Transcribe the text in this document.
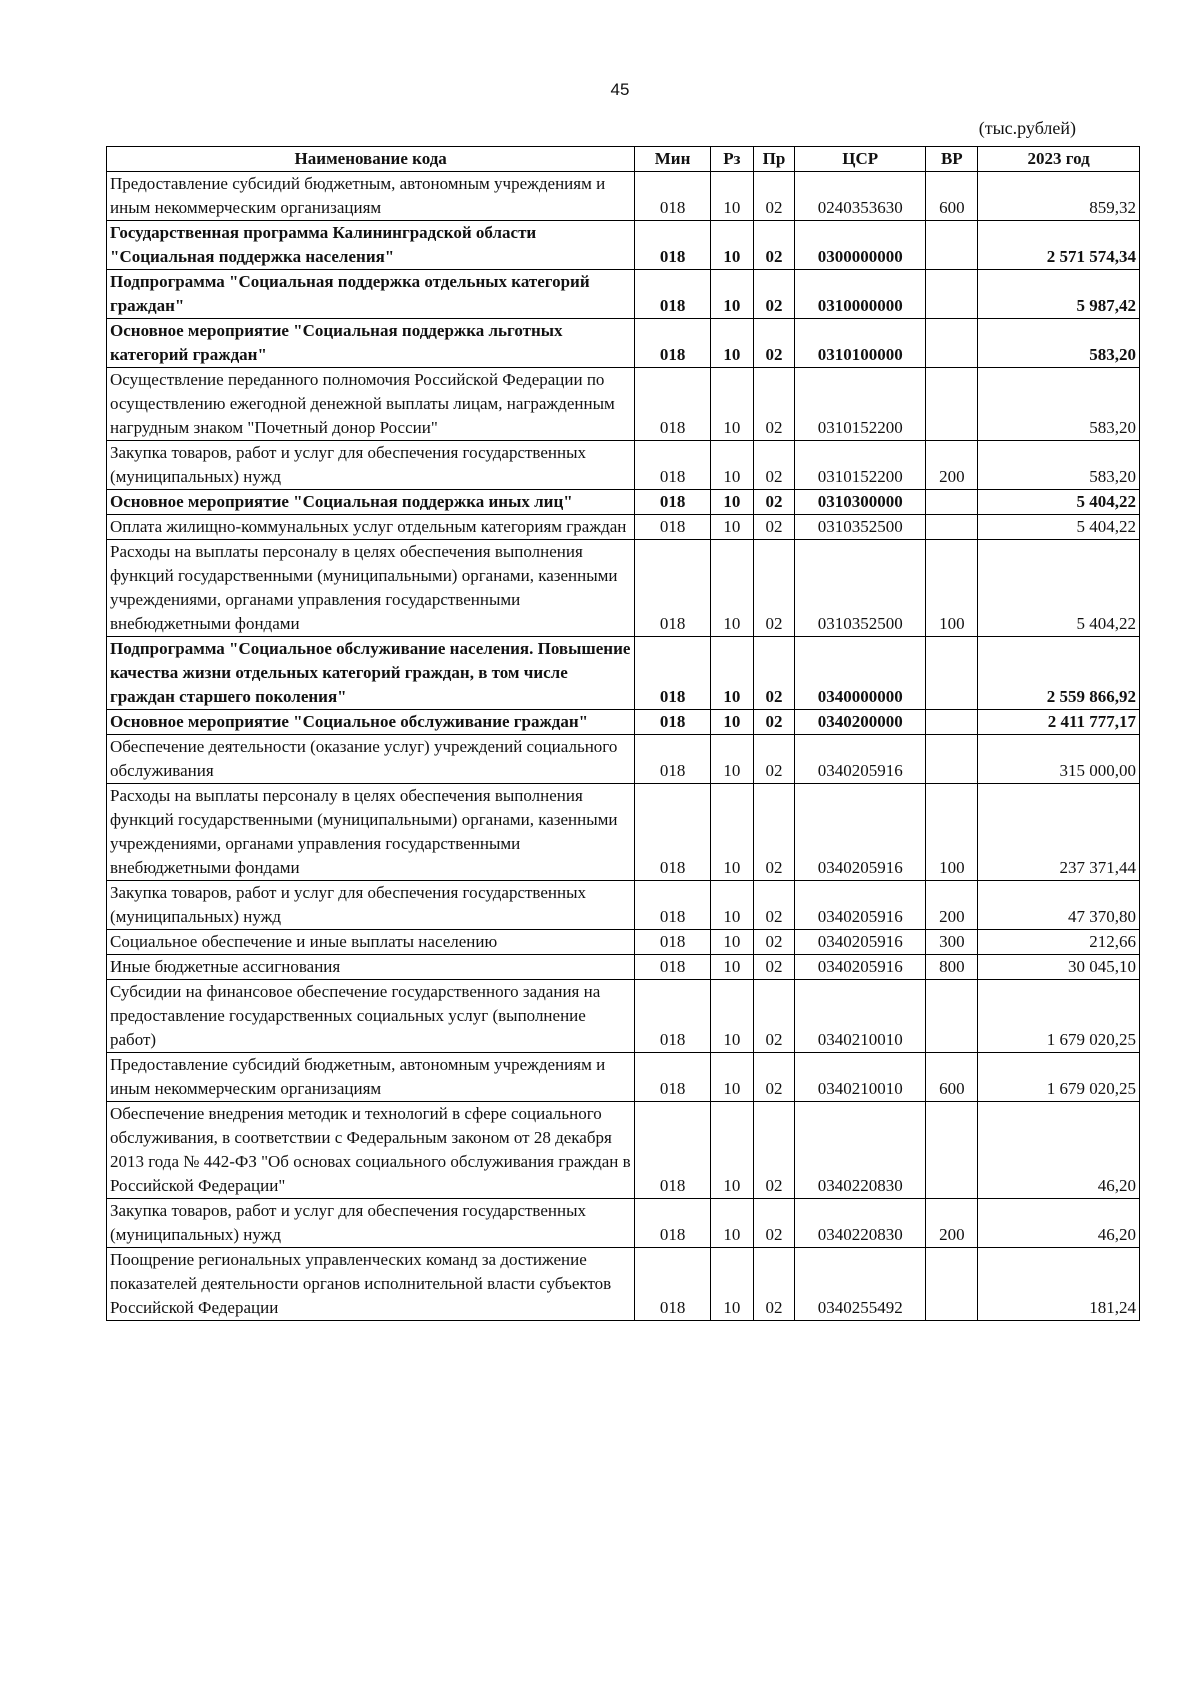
45
(тыс.рублей)
Наименование кода	Мин	Рз	Пр	ЦСР	ВР	2023 год
Предоставление субсидий бюджетным, автономным учреждениям и иным некоммерческим организациям	018	10	02	0240353630	600	859,32
Государственная программа Калининградской области "Социальная поддержка населения"	018	10	02	0300000000		2 571 574,34
Подпрограмма "Социальная поддержка отдельных категорий граждан"	018	10	02	0310000000		5 987,42
Основное мероприятие "Социальная поддержка льготных категорий граждан"	018	10	02	0310100000		583,20
Осуществление переданного полномочия Российской Федерации по осуществлению ежегодной денежной выплаты лицам, награжденным нагрудным знаком "Почетный донор России"	018	10	02	0310152200		583,20
Закупка товаров, работ и услуг для обеспечения государственных (муниципальных) нужд	018	10	02	0310152200	200	583,20
Основное мероприятие "Социальная поддержка иных лиц"	018	10	02	0310300000		5 404,22
Оплата жилищно-коммунальных услуг отдельным категориям граждан	018	10	02	0310352500		5 404,22
Расходы на выплаты персоналу в целях обеспечения выполнения функций государственными (муниципальными) органами, казенными учреждениями, органами управления государственными внебюджетными фондами	018	10	02	0310352500	100	5 404,22
Подпрограмма "Социальное обслуживание населения. Повышение качества жизни отдельных категорий граждан, в том числе граждан старшего поколения"	018	10	02	0340000000		2 559 866,92
Основное мероприятие "Социальное обслуживание граждан"	018	10	02	0340200000		2 411 777,17
Обеспечение деятельности (оказание услуг) учреждений социального обслуживания	018	10	02	0340205916		315 000,00
Расходы на выплаты персоналу в целях обеспечения выполнения функций государственными (муниципальными) органами, казенными учреждениями, органами управления государственными внебюджетными фондами	018	10	02	0340205916	100	237 371,44
Закупка товаров, работ и услуг для обеспечения государственных (муниципальных) нужд	018	10	02	0340205916	200	47 370,80
Социальное обеспечение и иные выплаты населению	018	10	02	0340205916	300	212,66
Иные бюджетные ассигнования	018	10	02	0340205916	800	30 045,10
Субсидии на финансовое обеспечение государственного задания на предоставление государственных социальных услуг (выполнение работ)	018	10	02	0340210010		1 679 020,25
Предоставление субсидий бюджетным, автономным учреждениям и иным некоммерческим организациям	018	10	02	0340210010	600	1 679 020,25
Обеспечение внедрения методик и технологий в сфере социального обслуживания, в соответствии с Федеральным законом от 28 декабря 2013 года № 442-ФЗ "Об основах социального обслуживания граждан в Российской Федерации"	018	10	02	0340220830		46,20
Закупка товаров, работ и услуг для обеспечения государственных (муниципальных) нужд	018	10	02	0340220830	200	46,20
Поощрение региональных управленческих команд за достижение показателей деятельности органов исполнительной власти субъектов Российской Федерации	018	10	02	0340255492		181,24
